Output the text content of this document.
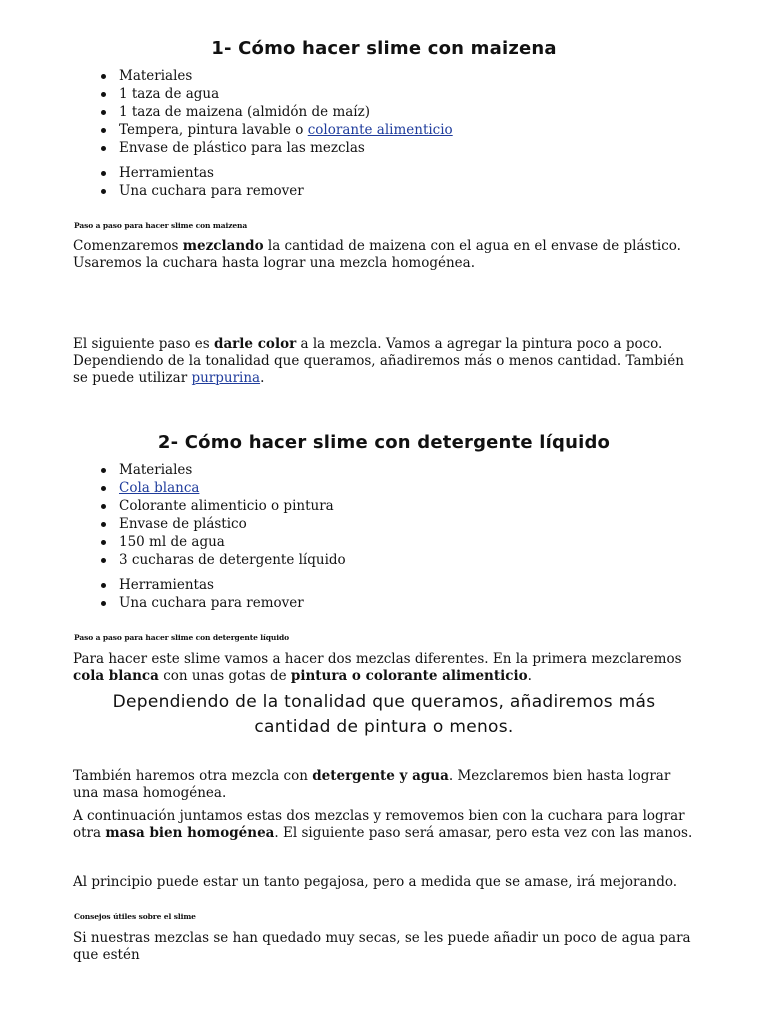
1- Cómo hacer slime con maizena
Materiales
1 taza de agua
1 taza de maizena (almidón de maíz)
Tempera, pintura lavable o colorante alimenticio
Envase de plástico para las mezclas
Herramientas
Una cuchara para remover
Paso a paso para hacer slime con maizena

Comenzaremos mezclando la cantidad de maizena con el agua en el envase de plástico. Usaremos la cuchara hasta lograr una mezcla homogénea.

El siguiente paso es darle color a la mezcla. Vamos a agregar la pintura poco a poco. Dependiendo de la tonalidad que queramos, añadiremos más o menos cantidad. También se puede utilizar purpurina.

2- Cómo hacer slime con detergente líquido
Materiales
Cola blanca
Colorante alimenticio o pintura
Envase de plástico
150 ml de agua
3 cucharas de detergente líquido
Herramientas
Una cuchara para remover
Paso a paso para hacer slime con detergente líquido

Para hacer este slime vamos a hacer dos mezclas diferentes. En la primera mezclaremos cola blanca con unas gotas de pintura o colorante alimenticio.

Dependiendo de la tonalidad que queramos, añadiremos más cantidad de pintura o menos.

También haremos otra mezcla con detergente y agua. Mezclaremos bien hasta lograr una masa homogénea.

A continuación juntamos estas dos mezclas y removemos bien con la cuchara para lograr otra masa bien homogénea. El siguiente paso será amasar, pero esta vez con las manos.

Al principio puede estar un tanto pegajosa, pero a medida que se amase, irá mejorando.

Consejos útiles sobre el slime

Si nuestras mezclas se han quedado muy secas, se les puede añadir un poco de agua para que estén
